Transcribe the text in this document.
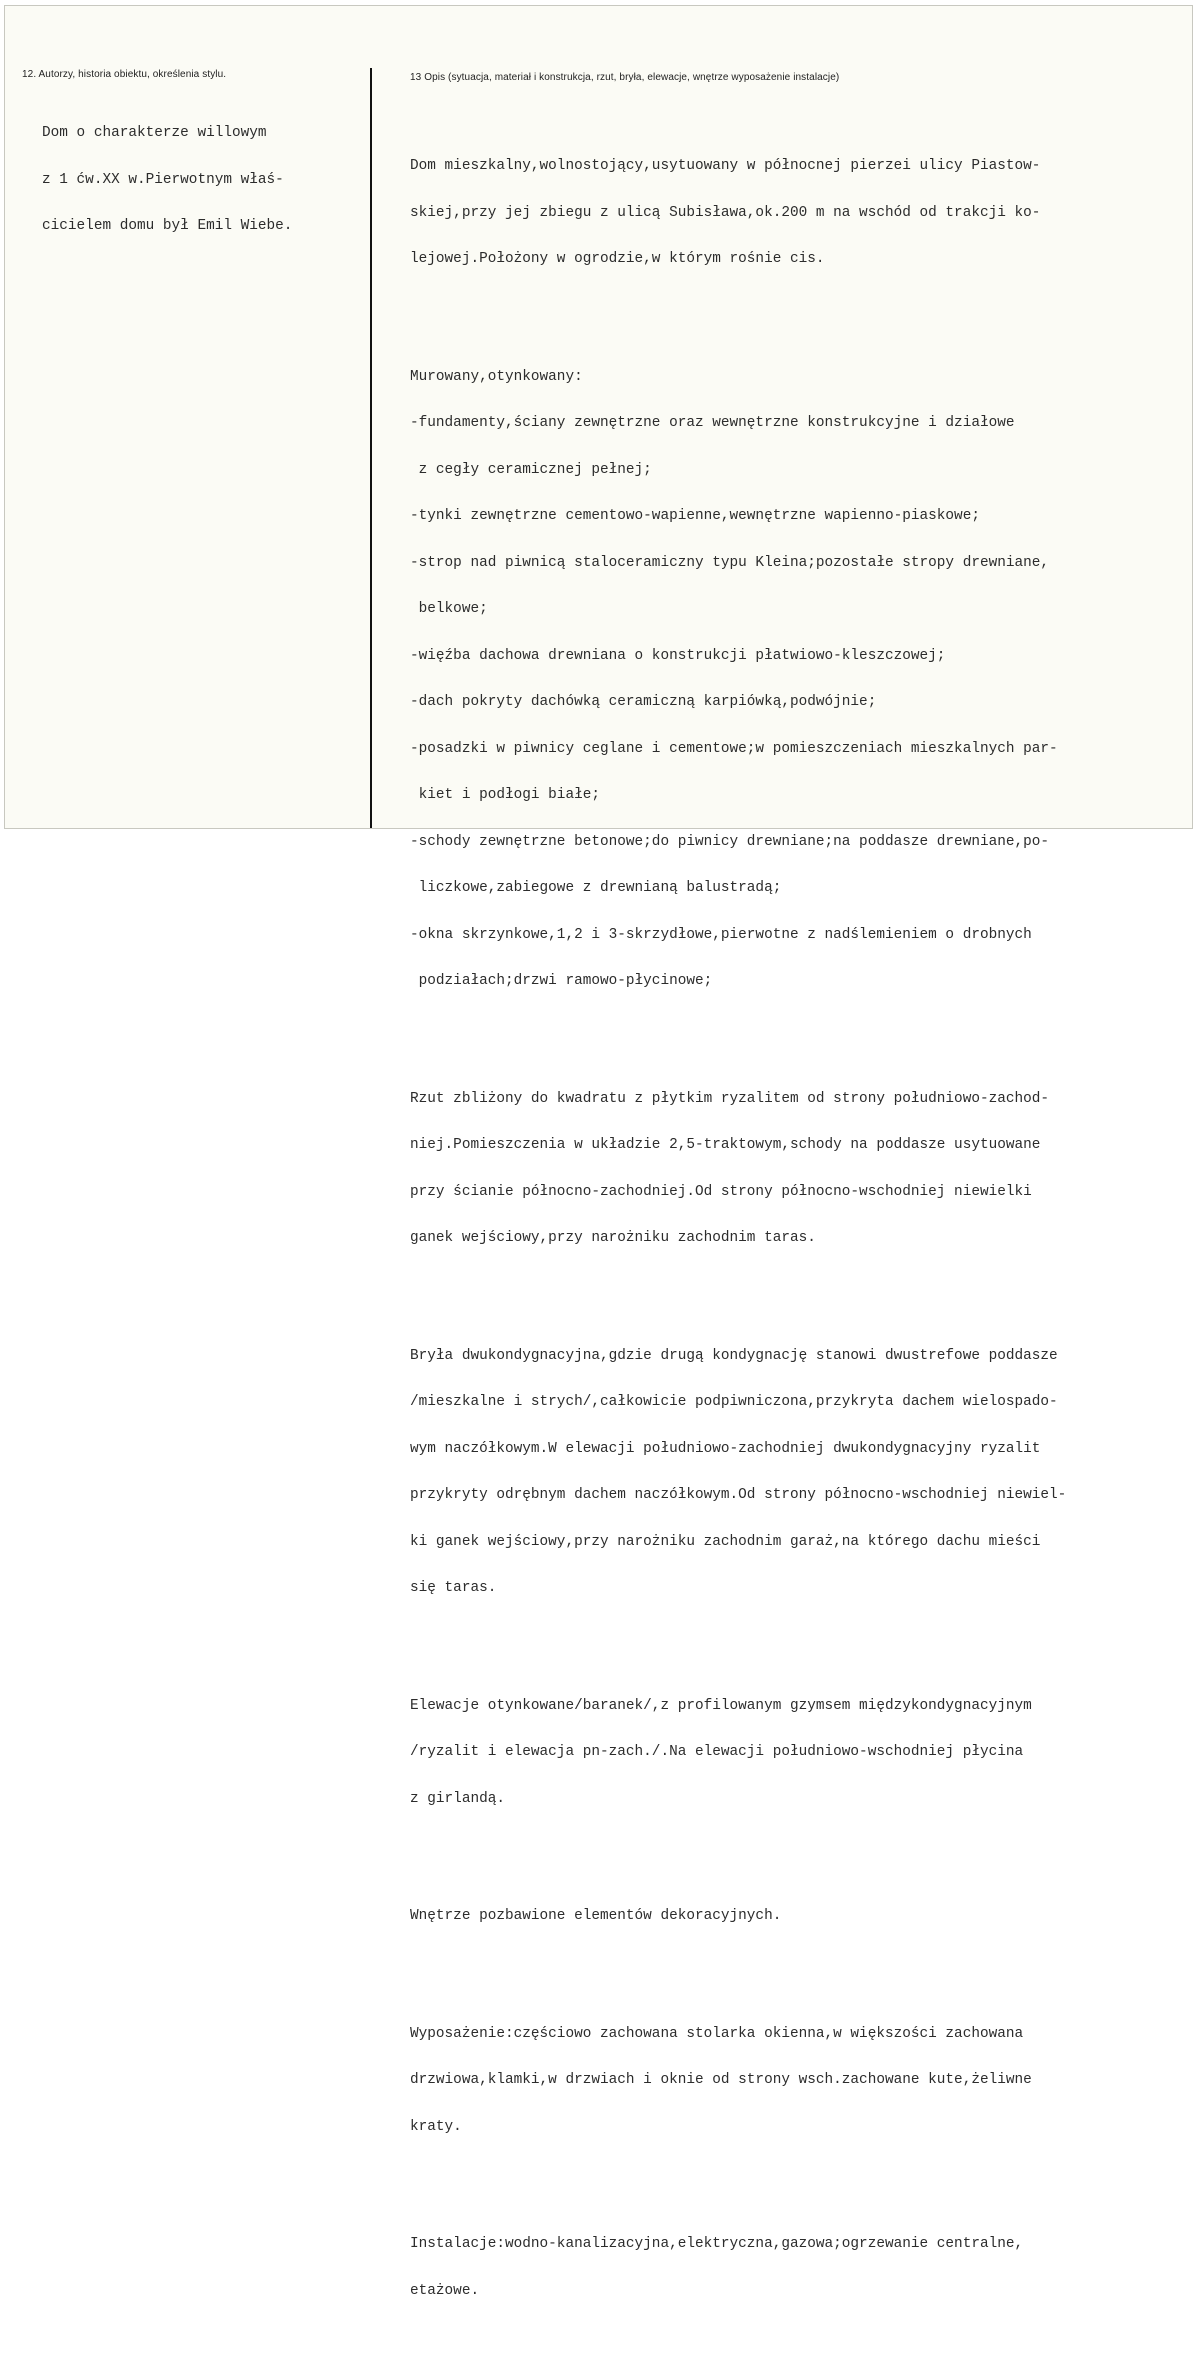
12. Autorzy, historia obiektu, określenia stylu.	13 Opis (sytuacja, materiał i konstrukcja, rzut, bryła, elewacje, wnętrze wyposażenie instalacje)

Dom o charakterze willowym

z 1 ćw.XX w.Pierwotnym właś-

cicielem domu był Emil Wiebe.

Dom mieszkalny,wolnostojący,usytuowany w północnej pierzei ulicy Piastow-

skiej,przy jej zbiegu z ulicą Subisława,ok.200 m na wschód od trakcji ko-

lejowej.Położony w ogrodzie,w którym rośnie cis.

Murowany,otynkowany:

-fundamenty,ściany zewnętrzne oraz wewnętrzne konstrukcyjne i działowe

z cegły ceramicznej pełnej;

-tynki zewnętrzne cementowo-wapienne,wewnętrzne wapienno-piaskowe;

-strop nad piwnicą staloceramiczny typu Kleina;pozostałe stropy drewniane,

belkowe;

-więźba dachowa drewniana o konstrukcji płatwiowo-kleszczowej;

-dach pokryty dachówką ceramiczną karpiówką,podwójnie;

-posadzki w piwnicy ceglane i cementowe;w pomieszczeniach mieszkalnych par-

kiet i podłogi białe;

-schody zewnętrzne betonowe;do piwnicy drewniane;na poddasze drewniane,po-

liczkowe,zabiegowe z drewnianą balustradą;

-okna skrzynkowe,1,2 i 3-skrzydłowe,pierwotne z nadślemieniem o drobnych

podziałach;drzwi ramowo-płycinowe;

Rzut zbliżony do kwadratu z płytkim ryzalitem od strony południowo-zachod-

niej.Pomieszczenia w układzie 2,5-traktowym,schody na poddasze usytuowane

przy ścianie północno-zachodniej.Od strony północno-wschodniej niewielki

ganek wejściowy,przy narożniku zachodnim taras.

Bryła dwukondygnacyjna,gdzie drugą kondygnację stanowi dwustrefowe poddasze

/mieszkalne i strych/,całkowicie podpiwniczona,przykryta dachem wielospado-

wym naczółkowym.W elewacji południowo-zachodniej dwukondygnacyjny ryzalit

przykryty odrębnym dachem naczółkowym.Od strony północno-wschodniej niewiel-

ki ganek wejściowy,przy narożniku zachodnim garaż,na którego dachu mieści

się taras.

Elewacje otynkowane/baranek/,z profilowanym gzymsem międzykondygnacyjnym

/ryzalit i elewacja pn-zach./.Na elewacji południowo-wschodniej płycina

z girlandą.

Wnętrze pozbawione elementów dekoracyjnych.

Wyposażenie:częściowo zachowana stolarka okienna,w większości zachowana

drzwiowa,klamki,w drzwiach i oknie od strony wsch.zachowane kute,żeliwne

kraty.

Instalacje:wodno-kanalizacyjna,elektryczna,gazowa;ogrzewanie centralne,

etażowe.
